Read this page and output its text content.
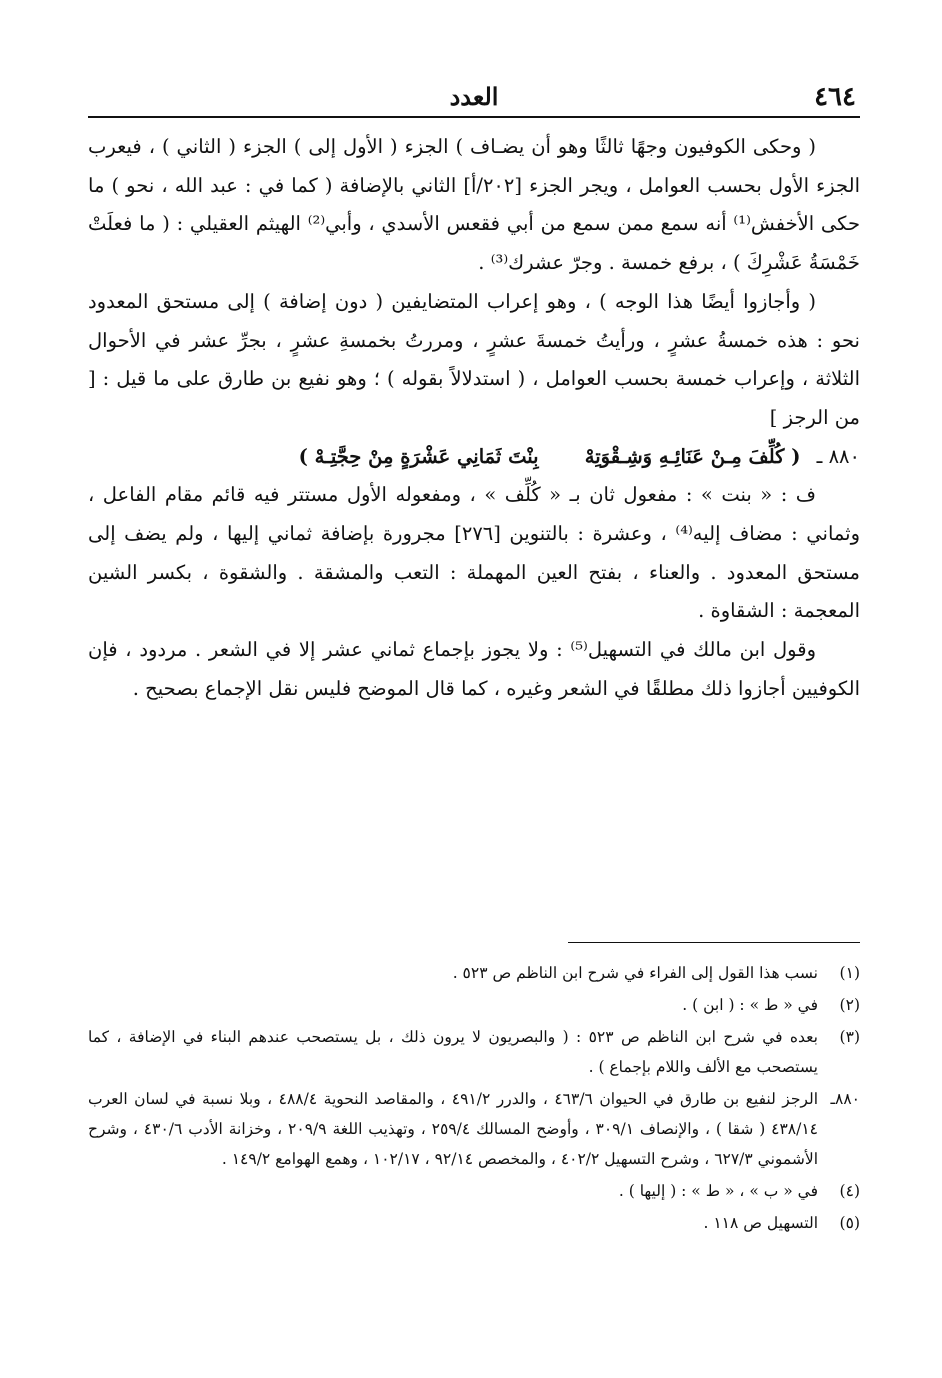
٤٦٤
العدد

( وحكى الكوفيون وجهًا ثالثًا وهو أن يضـاف ) الجزء ( الأول إلى ) الجزء ( الثاني ) ، فيعرب الجزء الأول بحسب العوامل ، ويجر الجزء [٢٠٢/أ] الثاني بالإضافة ( كما في : عبد الله ، نحو ) ما حكى الأخفش⁽¹⁾ أنه سمع ممن سمع من أبي فقعس الأسدي ، وأبي⁽²⁾ الهيثم العقيلي : ( ما فعلَتْ خَمْسَةُ عَشْرِكَ ) ، برفع خمسة . وجرّ عشرك⁽³⁾ .

( وأجازوا أيضًا هذا الوجه ) ، وهو إعراب المتضايفين ( دون إضافة ) إلى مستحق المعدود نحو : هذه خمسةُ عشرٍ ، ورأيتُ خمسةَ عشرٍ ، ومررتُ بخمسةِ عشرٍ ، بجرِّ عشر في الأحوال الثلاثة ، وإعراب خمسة بحسب العوامل ، ( استدلالاً بقوله ) ؛ وهو نفيع بن طارق على ما قيل : [ من الرجز ]

٨٨٠ ـ ( كُلِّفَ مِـنْ عَنَائِـهِ وَشِـقْوَتِهْ بِنْتَ ثَمَانِي عَشْرَةٍ مِنْ حِجَّتِـهْ )

ف : « بنت » : مفعول ثان بـ « كُلِّف » ، ومفعوله الأول مستتر فيه قائم مقام الفاعل ، وثماني : مضاف إليه⁽⁴⁾ ، وعشرة : بالتنوين [٢٧٦] مجرورة بإضافة ثماني إليها ، ولم يضف إلى مستحق المعدود . والعناء ، بفتح العين المهملة : التعب والمشقة . والشقوة ، بكسر الشين المعجمة : الشقاوة .

وقول ابن مالك في التسهيل⁽⁵⁾ : ولا يجوز بإجماع ثماني عشر إلا في الشعر . مردود ، فإن الكوفيين أجازوا ذلك مطلقًا في الشعر وغيره ، كما قال الموضح فليس نقل الإجماع بصحيح .

(١)
نسب هذا القول إلى الفراء في شرح ابن الناظم ص ٥٢٣ .
(٢)
في « ط » : ( ابن ) .
(٣)
بعده في شرح ابن الناظم ص ٥٢٣ : ( والبصريون لا يرون ذلك ، بل يستصحب عندهم البناء في الإضافة ، كما يستصحب مع الألف واللام بإجماع ) .
٨٨٠ـ
الرجز لنفيع بن طارق في الحيوان ٤٦٣/٦ ، والدرر ٤٩١/٢ ، والمقاصد النحوية ٤٨٨/٤ ، وبلا نسبة في لسان العرب ٤٣٨/١٤ ( شقا ) ، والإنصاف ٣٠٩/١ ، وأوضح المسالك ٢٥٩/٤ ، وتهذيب اللغة ٢٠٩/٩ ، وخزانة الأدب ٤٣٠/٦ ، وشرح الأشموني ٦٢٧/٣ ، وشرح التسهيل ٤٠٢/٢ ، والمخصص ٩٢/١٤ ، ١٠٢/١٧ ، وهمع الهوامع ١٤٩/٢ .
(٤)
في « ب » ، « ط » : ( إليها ) .
(٥)
التسهيل ص ١١٨ .
